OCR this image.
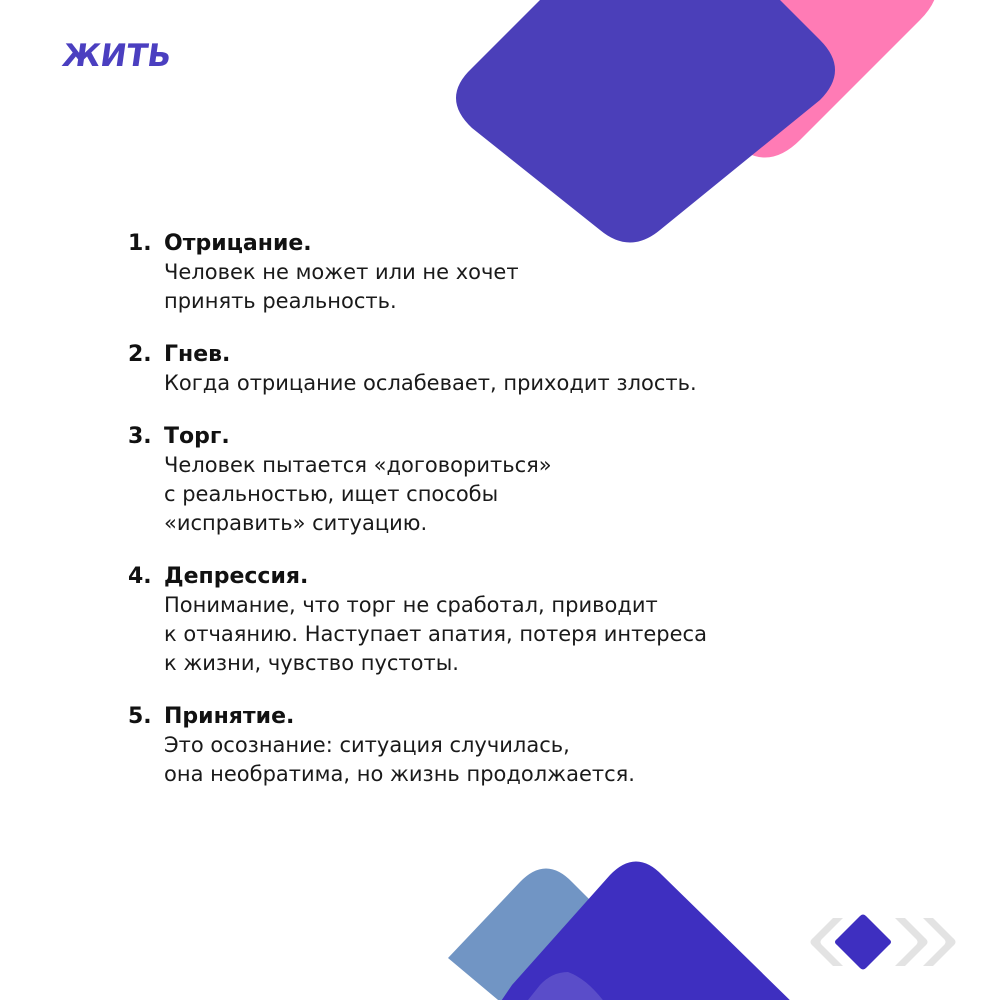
ЖИТЬ

1. Отрицание.

Человек не может или не хочет
принять реальность.

2. Гнев.

Когда отрицание ослабевает, приходит злость.

3. Торг.

Человек пытается «договориться»
с реальностью, ищет способы
«исправить» ситуацию.

4. Депрессия.

Понимание, что торг не сработал, приводит
к отчаянию. Наступает апатия, потеря интереса
к жизни, чувство пустоты.

5. Принятие.

Это осознание: ситуация случилась,
она необратима, но жизнь продолжается.
